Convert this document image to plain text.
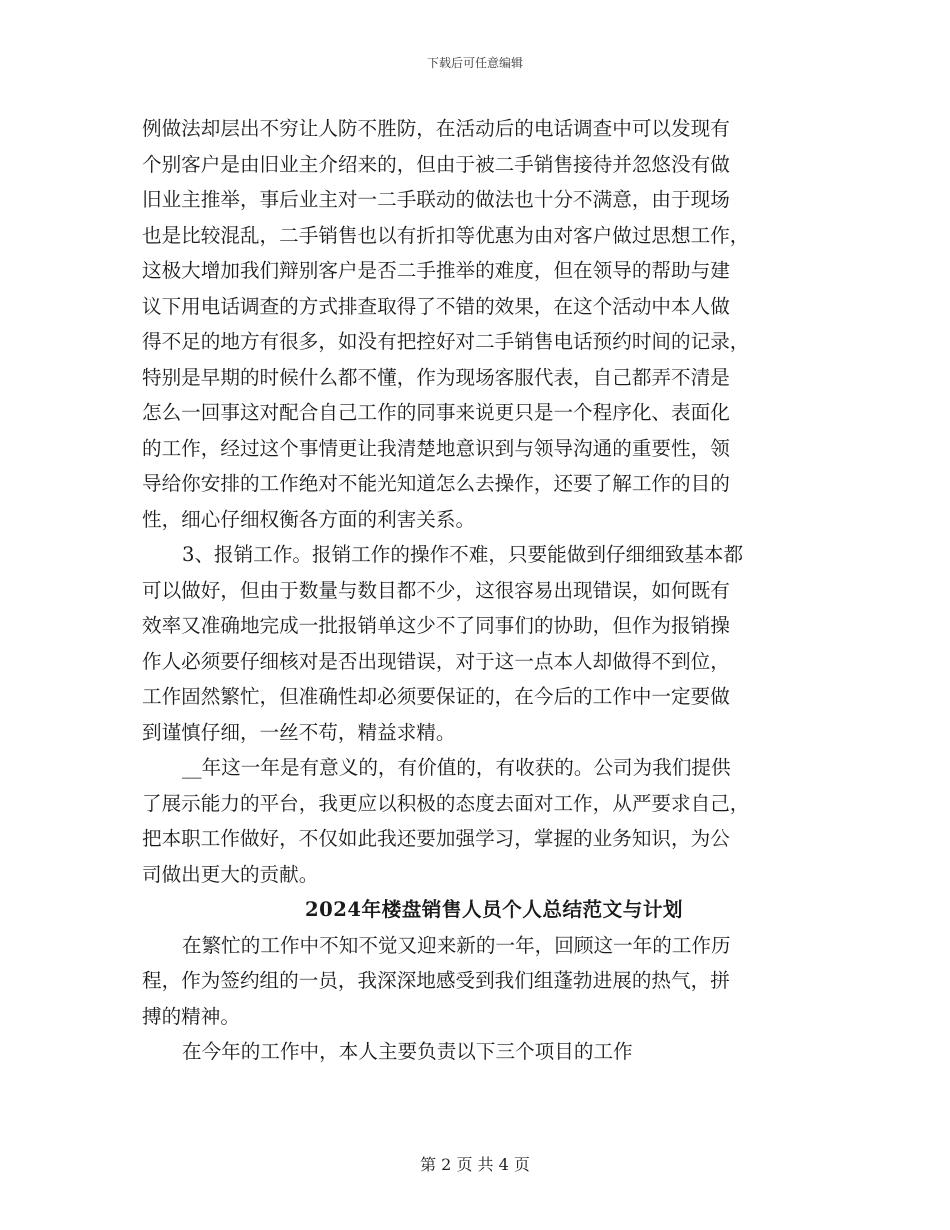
下载后可任意编辑
例做法却层出不穷让人防不胜防，在活动后的电话调查中可以发现有
个别客户是由旧业主介绍来的，但由于被二手销售接待并忽悠没有做
旧业主推举，事后业主对一二手联动的做法也十分不满意，由于现场
也是比较混乱，二手销售也以有折扣等优惠为由对客户做过思想工作，
这极大增加我们辩别客户是否二手推举的难度，但在领导的帮助与建
议下用电话调查的方式排查取得了不错的效果，在这个活动中本人做
得不足的地方有很多，如没有把控好对二手销售电话预约时间的记录，
特别是早期的时候什么都不懂，作为现场客服代表，自己都弄不清是
怎么一回事这对配合自己工作的同事来说更只是一个程序化、表面化
的工作，经过这个事情更让我清楚地意识到与领导沟通的重要性，领
导给你安排的工作绝对不能光知道怎么去操作，还要了解工作的目的
性，细心仔细权衡各方面的利害关系。
3、报销工作。报销工作的操作不难，只要能做到仔细细致基本都
可以做好，但由于数量与数目都不少，这很容易出现错误，如何既有
效率又准确地完成一批报销单这少不了同事们的协助，但作为报销操
作人必须要仔细核对是否出现错误，对于这一点本人却做得不到位，
工作固然繁忙，但准确性却必须要保证的，在今后的工作中一定要做
到谨慎仔细，一丝不苟，精益求精。
__年这一年是有意义的，有价值的，有收获的。公司为我们提供
了展示能力的平台，我更应以积极的态度去面对工作，从严要求自己，
把本职工作做好，不仅如此我还要加强学习，掌握的业务知识，为公
司做出更大的贡献。
2024年楼盘销售人员个人总结范文与计划
在繁忙的工作中不知不觉又迎来新的一年，回顾这一年的工作历
程，作为签约组的一员，我深深地感受到我们组蓬勃进展的热气，拼
搏的精神。
在今年的工作中，本人主要负责以下三个项目的工作
第 2 页 共 4 页
